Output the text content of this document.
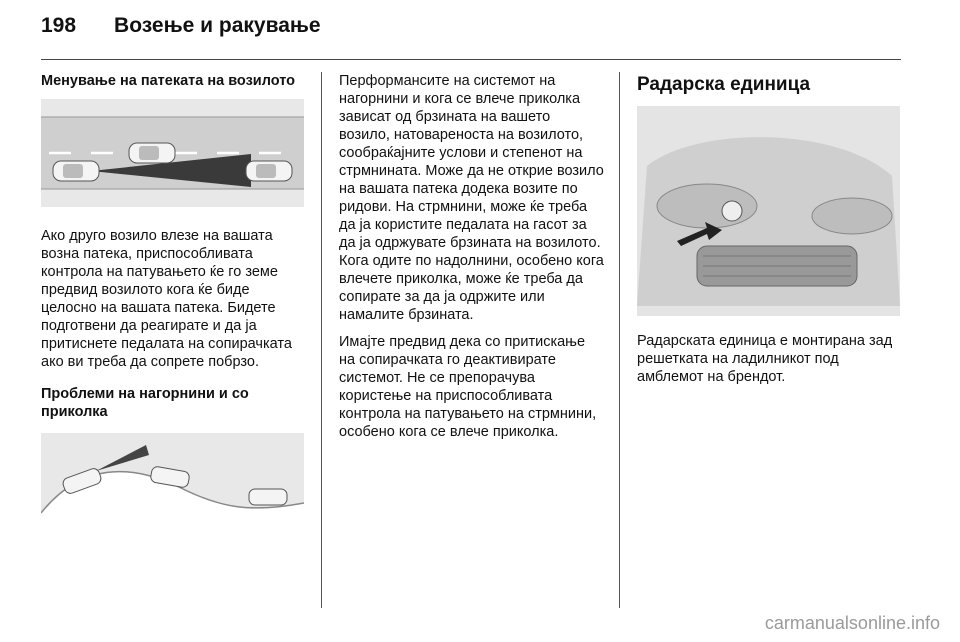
198 Возење и ракување
Менување на патеката на возилото

Ако друго возило влезе на вашата возна патека, приспособливата контрола на патувањето ќе го земе предвид возилото кога ќе биде целосно на вашата патека. Бидете подготвени да реагирате и да ја притиснете педалата на сопирачката ако ви треба да сопрете побрзо.

Проблеми на нагорнини и со приколка

Перформансите на системот на нагорнини и кога се влече приколка зависат од брзината на вашето возило, натовареноста на возилото, сообраќајните услови и степенот на стрмнината. Може да не открие возило на вашата патека додека возите по ридови. На стрмнини, може ќе треба да ја користите педалата на гасот за да ја одржувате брзината на возилото. Кога одите по надолнини, особено кога влечете приколка, може ќе треба да сопирате за да ја одржите или намалите брзината.

Имајте предвид дека со притискање на сопирачката го деактивирате системот. Не се препорачува користење на приспособливата контрола на патувањето на стрмнини, особено кога се влече приколка.

Радарска единица

Радарската единица е монтирана зад решетката на ладилникот под амблемот на брендот.

carmanualsonline.info
